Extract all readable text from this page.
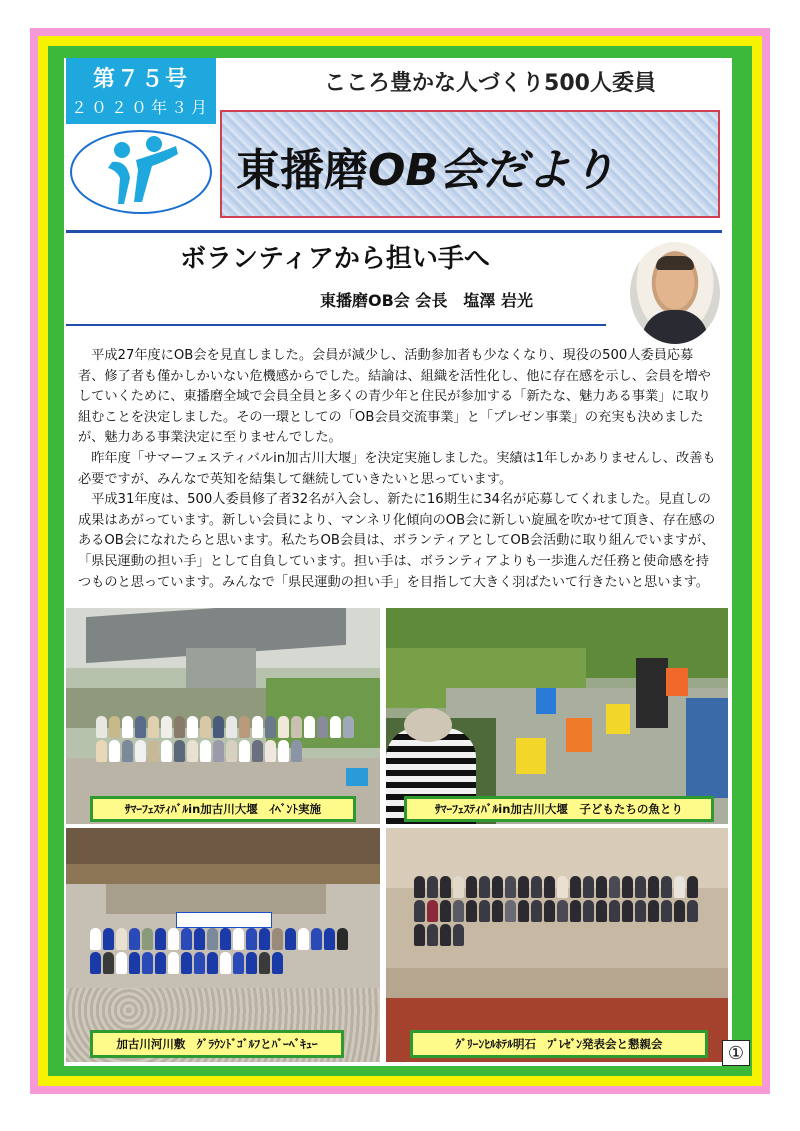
第７５号
２０２０年３月
こころ豊かな人づくり500人委員
東播磨OB会だより
ボランティアから担い手へ
東播磨OB会 会長　塩澤 岩光

平成27年度にOB会を見直しました。会員が減少し、活動参加者も少なくなり、現役の500人委員応募者、修了者も僅かしかいない危機感からでした。結論は、組織を活性化し、他に存在感を示し、会員を増やしていくために、東播磨全域で会員全員と多くの青少年と住民が参加する「新たな、魅力ある事業」に取り組むことを決定しました。その一環としての「OB会員交流事業」と「プレゼン事業」の充実も決めましたが、魅力ある事業決定に至りませんでした。

昨年度「サマーフェスティバルin加古川大堰」を決定実施しました。実績は1年しかありませんし、改善も必要ですが、みんなで英知を結集して継続していきたいと思っています。

平成31年度は、500人委員修了者32名が入会し、新たに16期生に34名が応募してくれました。見直しの成果はあがっています。新しい会員により、マンネリ化傾向のOB会に新しい旋風を吹かせて頂き、存在感のあるOB会になれたらと思います。私たちOB会員は、ボランティアとしてOB会活動に取り組んでいますが、「県民運動の担い手」として自負しています。担い手は、ボランティアよりも一歩進んだ任務と使命感を持つものと思っています。みんなで「県民運動の担い手」を目指して大きく羽ばたいて行きたいと思います。

ｻﾏｰﾌｪｽﾃｨﾊﾞﾙin加古川大堰　ｲﾍﾞﾝﾄ実施	ｻﾏｰﾌｪｽﾃｨﾊﾞﾙin加古川大堰　子どもたちの魚とり
加古川河川敷　ｸﾞﾗｳﾝﾄﾞｺﾞﾙﾌとﾊﾞｰﾍﾞｷｭｰ	ｸﾞﾘｰﾝﾋﾙﾎﾃﾙ明石　ﾌﾟﾚｾﾞﾝ発表会と懇親会	①
